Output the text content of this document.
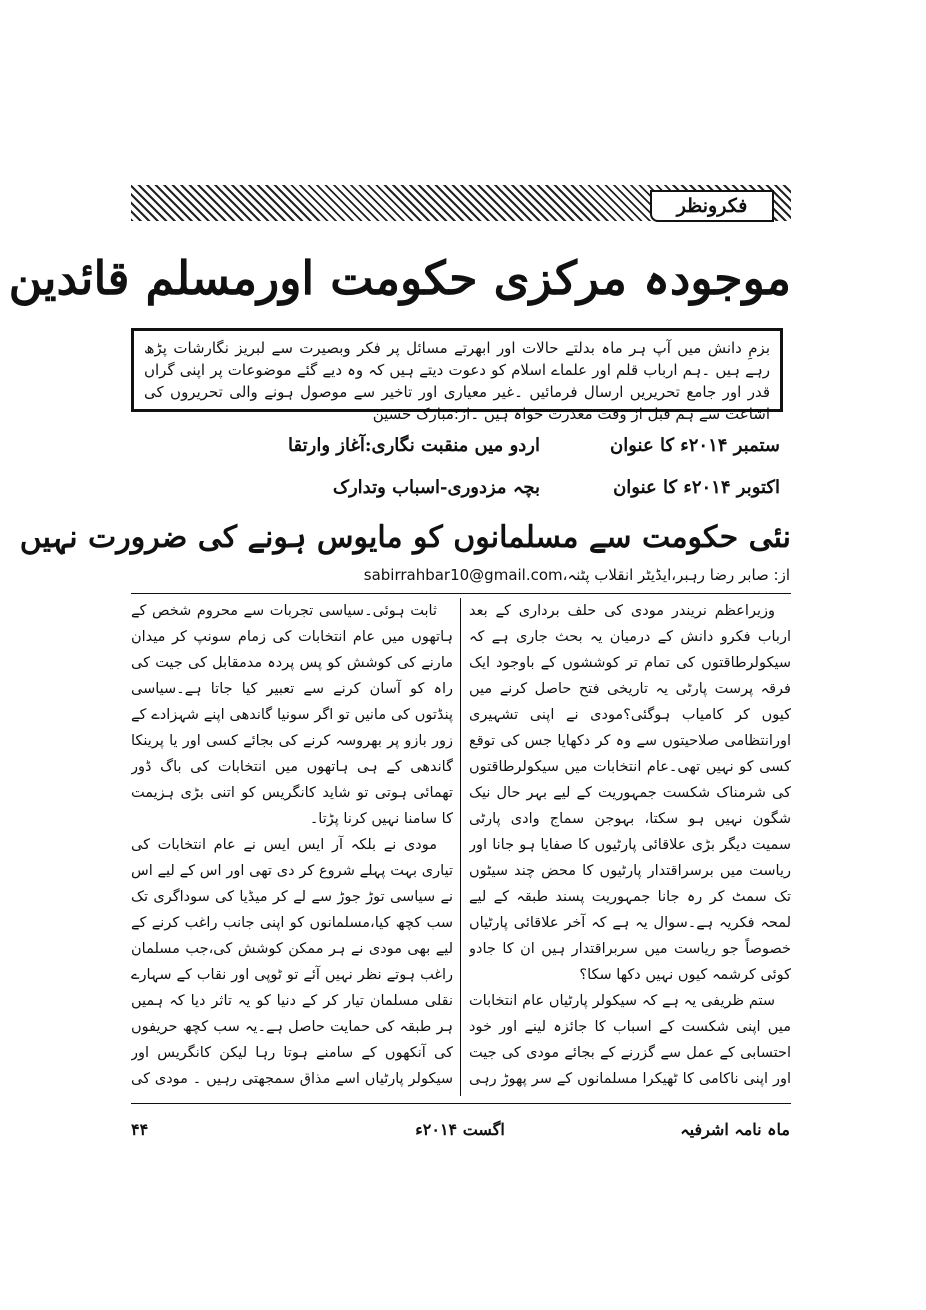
فکرونظر
موجودہ مرکزی حکومت اورمسلم قائدین
بزمِ دانش میں آپ ہر ماہ بدلتے حالات اور ابھرتے مسائل پر فکر وبصیرت سے لبریز نگارشات پڑھ رہے ہیں ۔ہم ارباب قلم اور علماے اسلام کو دعوت دیتے ہیں کہ وہ دیے گئے موضوعات پر اپنی گراں قدر اور جامع تحریریں ارسال فرمائیں ۔غیر معیاری اور تاخیر سے موصول ہونے والی تحریروں کی اشاعت سے ہم قبل از وقت معذرت خواہ ہیں ۔از:مبارک حسین
ستمبر ۲۰۱۴ء کا عنوان
اردو میں منقبت نگاری:آغاز وارتقا
اکتوبر ۲۰۱۴ء کا عنوان
بچہ مزدوری-اسباب وتدارک
نئی حکومت سے مسلمانوں کو مایوس ہونے کی ضرورت نہیں
از: صابر رضا رہبر،ایڈیٹر انقلاب پٹنہ،sabirrahbar10@gmail.com

وزیراعظم نریندر مودی کی حلف برداری کے بعد ارباب فکرو دانش کے درمیان یہ بحث جاری ہے کہ سیکولرطاقتوں کی تمام تر کوششوں کے باوجود ایک فرقہ پرست پارٹی یہ تاریخی فتح حاصل کرنے میں کیوں کر کامیاب ہوگئی؟مودی نے اپنی تشہیری اورانتظامی صلاحیتوں سے وہ کر دکھایا جس کی توقع کسی کو نہیں تھی۔عام انتخابات میں سیکولرطاقتوں کی شرمناک شکست جمہوریت کے لیے بہر حال نیک شگون نہیں ہو سکتا، بہوجن سماج وادی پارٹی سمیت دیگر بڑی علاقائی پارٹیوں کا صفایا ہو جانا اور ریاست میں برسراقتدار پارٹیوں کا محض چند سیٹوں تک سمٹ کر رہ جانا جمہوریت پسند طبقہ کے لیے لمحہ فکریہ ہے۔سوال یہ ہے کہ آخر علاقائی پارٹیاں خصوصاً جو ریاست میں سربراقتدار ہیں ان کا جادو کوئی کرشمہ کیوں نہیں دکھا سکا؟

ستم ظریفی یہ ہے کہ سیکولر پارٹیاں عام انتخابات میں اپنی شکست کے اسباب کا جائزہ لینے اور خود احتسابی کے عمل سے گزرنے کے بجائے مودی کی جیت اور اپنی ناکامی کا ٹھیکرا مسلمانوں کے سر پھوڑ رہی

ثابت ہوئی۔سیاسی تجربات سے محروم شخص کے ہاتھوں میں عام انتخابات کی زمام سونپ کر میدان مارنے کی کوشش کو پس پردہ مدمقابل کی جیت کی راہ کو آسان کرنے سے تعبیر کیا جاتا ہے۔سیاسی پنڈتوں کی مانیں تو اگر سونیا گاندھی اپنے شہزادے کے زور بازو پر بھروسہ کرنے کی بجائے کسی اور یا پرینکا گاندھی کے ہی ہاتھوں میں انتخابات کی باگ ڈور تھمائی ہوتی تو شاید کانگریس کو اتنی بڑی ہزیمت کا سامنا نہیں کرنا پڑتا۔

مودی نے بلکہ آر ایس ایس نے عام انتخابات کی تیاری بہت پہلے شروع کر دی تھی اور اس کے لیے اس نے سیاسی توڑ جوڑ سے لے کر میڈیا کی سوداگری تک سب کچھ کیا،مسلمانوں کو اپنی جانب راغب کرنے کے لیے بھی مودی نے ہر ممکن کوشش کی،جب مسلمان راغب ہوتے نظر نہیں آئے تو ٹوپی اور نقاب کے سہارے نقلی مسلمان تیار کر کے دنیا کو یہ تاثر دیا کہ ہمیں ہر طبقہ کی حمایت حاصل ہے۔یہ سب کچھ حریفوں کی آنکھوں کے سامنے ہوتا رہا لیکن کانگریس اور سیکولر پارٹیاں اسے مذاق سمجھتی رہیں ۔ مودی کی

۴۴	اگست ۲۰۱۴ء	ماہ نامہ اشرفیہ
